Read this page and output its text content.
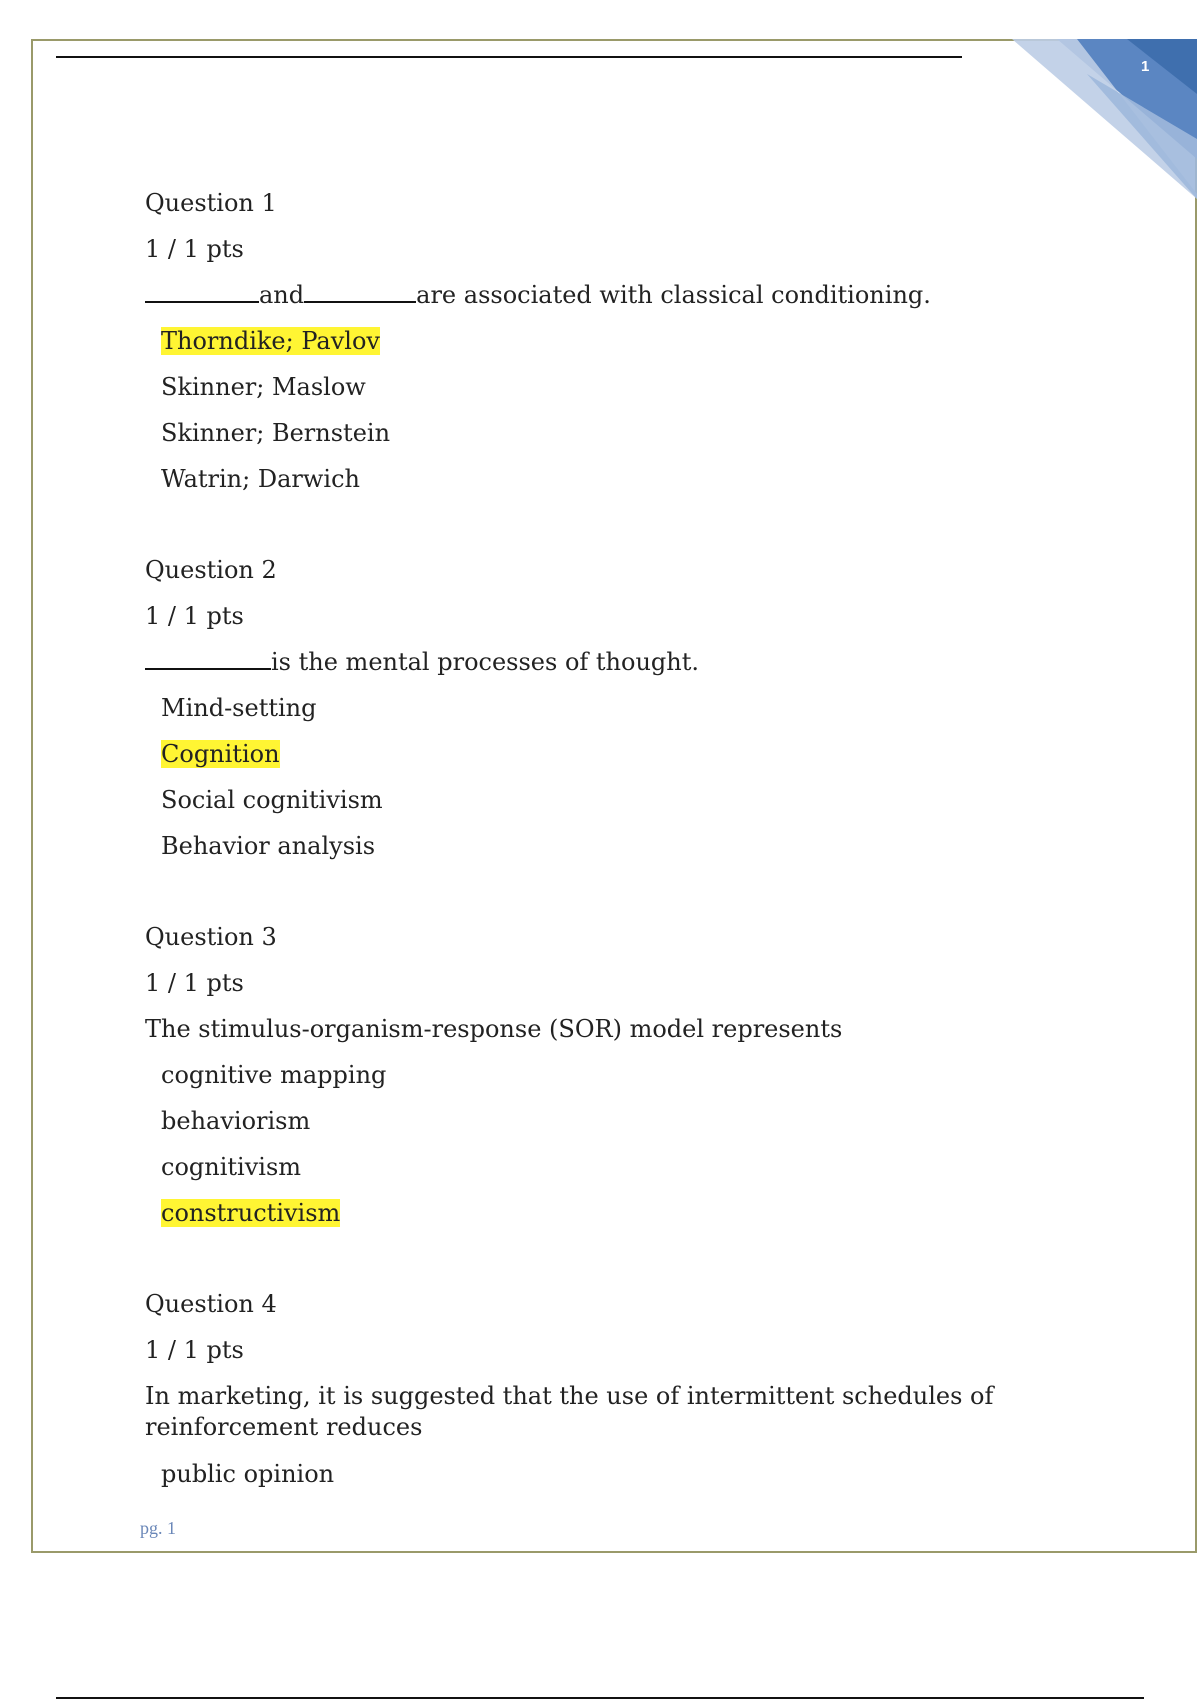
1
Question 1
1 / 1 pts
and	are associated with classical conditioning.
Thorndike; Pavlov
Skinner; Maslow
Skinner; Bernstein
Watrin; Darwich
Question 2
1 / 1 pts
is the mental processes of thought.
Mind-setting
Cognition
Social cognitivism
Behavior analysis
Question 3
1 / 1 pts
The stimulus-organism-response (SOR) model represents
cognitive mapping
behaviorism
cognitivism
constructivism
Question 4
1 / 1 pts
In marketing, it is suggested that the use of intermittent schedules of
reinforcement reduces
public opinion
pg. 1
